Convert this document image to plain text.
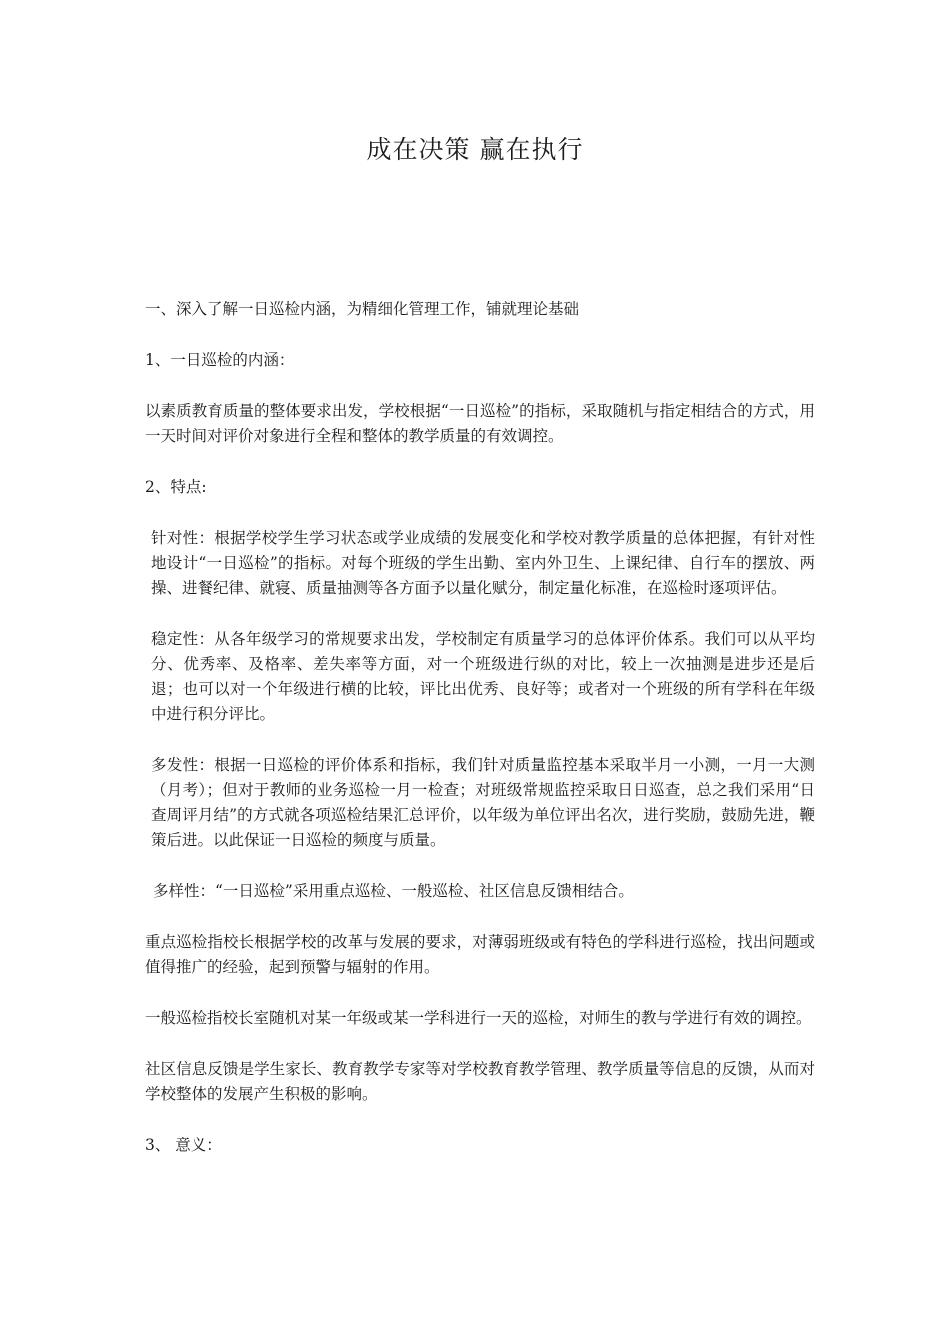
成在决策 赢在执行

一、深入了解一日巡检内涵，为精细化管理工作，铺就理论基础

1、一日巡检的内涵：

以素质教育质量的整体要求出发，学校根据“一日巡检”的指标，采取随机与指定相结合的方式，用一天时间对评价对象进行全程和整体的教学质量的有效调控。

2、特点:

针对性：根据学校学生学习状态或学业成绩的发展变化和学校对教学质量的总体把握，有针对性地设计“一日巡检”的指标。对每个班级的学生出勤、室内外卫生、上课纪律、自行车的摆放、两操、进餐纪律、就寝、质量抽测等各方面予以量化赋分，制定量化标准，在巡检时逐项评估。

稳定性：从各年级学习的常规要求出发，学校制定有质量学习的总体评价体系。我们可以从平均分、优秀率、及格率、差失率等方面，对一个班级进行纵的对比，较上一次抽测是进步还是后退；也可以对一个年级进行横的比较，评比出优秀、良好等；或者对一个班级的所有学科在年级中进行积分评比。

多发性：根据一日巡检的评价体系和指标，我们针对质量监控基本采取半月一小测，一月一大测（月考）；但对于教师的业务巡检一月一检查；对班级常规监控采取日日巡查，总之我们采用“日查周评月结”的方式就各项巡检结果汇总评价，以年级为单位评出名次，进行奖励，鼓励先进，鞭策后进。以此保证一日巡检的频度与质量。

多样性：“一日巡检”采用重点巡检、一般巡检、社区信息反馈相结合。

重点巡检指校长根据学校的改革与发展的要求，对薄弱班级或有特色的学科进行巡检，找出问题或值得推广的经验，起到预警与辐射的作用。

一般巡检指校长室随机对某一年级或某一学科进行一天的巡检，对师生的教与学进行有效的调控。

社区信息反馈是学生家长、教育教学专家等对学校教育教学管理、教学质量等信息的反馈，从而对学校整体的发展产生积极的影响。

3、 意义：
